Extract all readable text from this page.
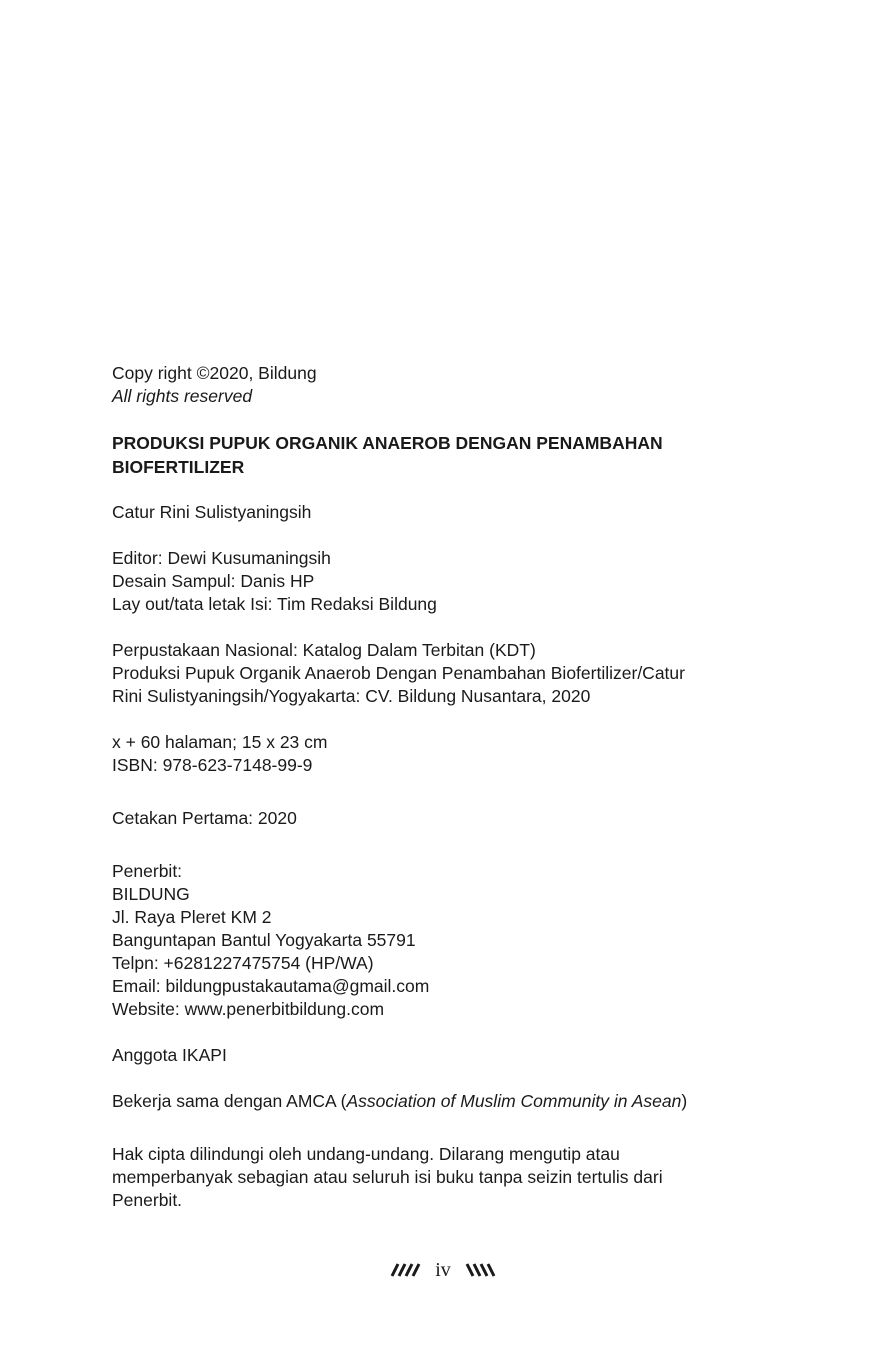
Copy right ©2020, Bildung
All rights reserved
PRODUKSI PUPUK ORGANIK ANAEROB DENGAN PENAMBAHAN
BIOFERTILIZER
Catur Rini Sulistyaningsih
Editor: Dewi Kusumaningsih
Desain Sampul: Danis HP
Lay out/tata letak Isi: Tim Redaksi Bildung
Perpustakaan Nasional: Katalog Dalam Terbitan (KDT)
Produksi Pupuk Organik Anaerob Dengan Penambahan Biofertilizer/Catur
Rini Sulistyaningsih/Yogyakarta: CV. Bildung Nusantara, 2020
x + 60 halaman; 15 x 23 cm
ISBN: 978-623-7148-99-9
Cetakan Pertama: 2020
Penerbit:
BILDUNG
Jl. Raya Pleret KM 2
Banguntapan Bantul Yogyakarta 55791
Telpn: +6281227475754 (HP/WA)
Email: bildungpustakautama@gmail.com
Website: www.penerbitbildung.com
Anggota IKAPI
Bekerja sama dengan AMCA (Association of Muslim Community in Asean)
Hak cipta dilindungi oleh undang-undang. Dilarang mengutip atau
memperbanyak sebagian atau seluruh isi buku tanpa seizin tertulis dari
Penerbit.
iv
